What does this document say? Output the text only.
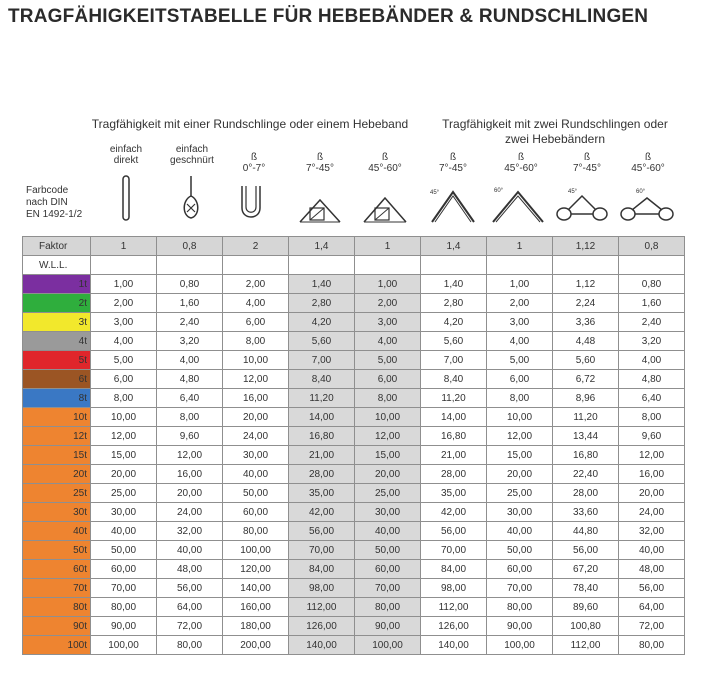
TRAGFÄHIGKEITSTABELLE FÜR HEBEBÄNDER & RUNDSCHLINGEN
Tragfähigkeit mit einer Rundschlinge oder einem Hebeband	Tragfähigkeit mit zwei Rundschlingen oder
zwei Hebebändern
Farbcode
nach DIN
EN 1492-1/2
einfach
direkt
einfach
geschnürt	ß
0°-7°
ß
7°-45°
ß
45°-60°
ß
7°-45°
ß
45°-60°
ß
7°-45°
ß
45°-60°
45°	60°	45°	60°
Faktor	1	0,8	2	1,4	1	1,4	1	1,12	0,8
W.L.L.									
1t	1,00	0,80	2,00	1,40	1,00	1,40	1,00	1,12	0,80
2t	2,00	1,60	4,00	2,80	2,00	2,80	2,00	2,24	1,60
3t	3,00	2,40	6,00	4,20	3,00	4,20	3,00	3,36	2,40
4t	4,00	3,20	8,00	5,60	4,00	5,60	4,00	4,48	3,20
5t	5,00	4,00	10,00	7,00	5,00	7,00	5,00	5,60	4,00
6t	6,00	4,80	12,00	8,40	6,00	8,40	6,00	6,72	4,80
8t	8,00	6,40	16,00	11,20	8,00	11,20	8,00	8,96	6,40
10t	10,00	8,00	20,00	14,00	10,00	14,00	10,00	11,20	8,00
12t	12,00	9,60	24,00	16,80	12,00	16,80	12,00	13,44	9,60
15t	15,00	12,00	30,00	21,00	15,00	21,00	15,00	16,80	12,00
20t	20,00	16,00	40,00	28,00	20,00	28,00	20,00	22,40	16,00
25t	25,00	20,00	50,00	35,00	25,00	35,00	25,00	28,00	20,00
30t	30,00	24,00	60,00	42,00	30,00	42,00	30,00	33,60	24,00
40t	40,00	32,00	80,00	56,00	40,00	56,00	40,00	44,80	32,00
50t	50,00	40,00	100,00	70,00	50,00	70,00	50,00	56,00	40,00
60t	60,00	48,00	120,00	84,00	60,00	84,00	60,00	67,20	48,00
70t	70,00	56,00	140,00	98,00	70,00	98,00	70,00	78,40	56,00
80t	80,00	64,00	160,00	112,00	80,00	112,00	80,00	89,60	64,00
90t	90,00	72,00	180,00	126,00	90,00	126,00	90,00	100,80	72,00
100t	100,00	80,00	200,00	140,00	100,00	140,00	100,00	112,00	80,00
